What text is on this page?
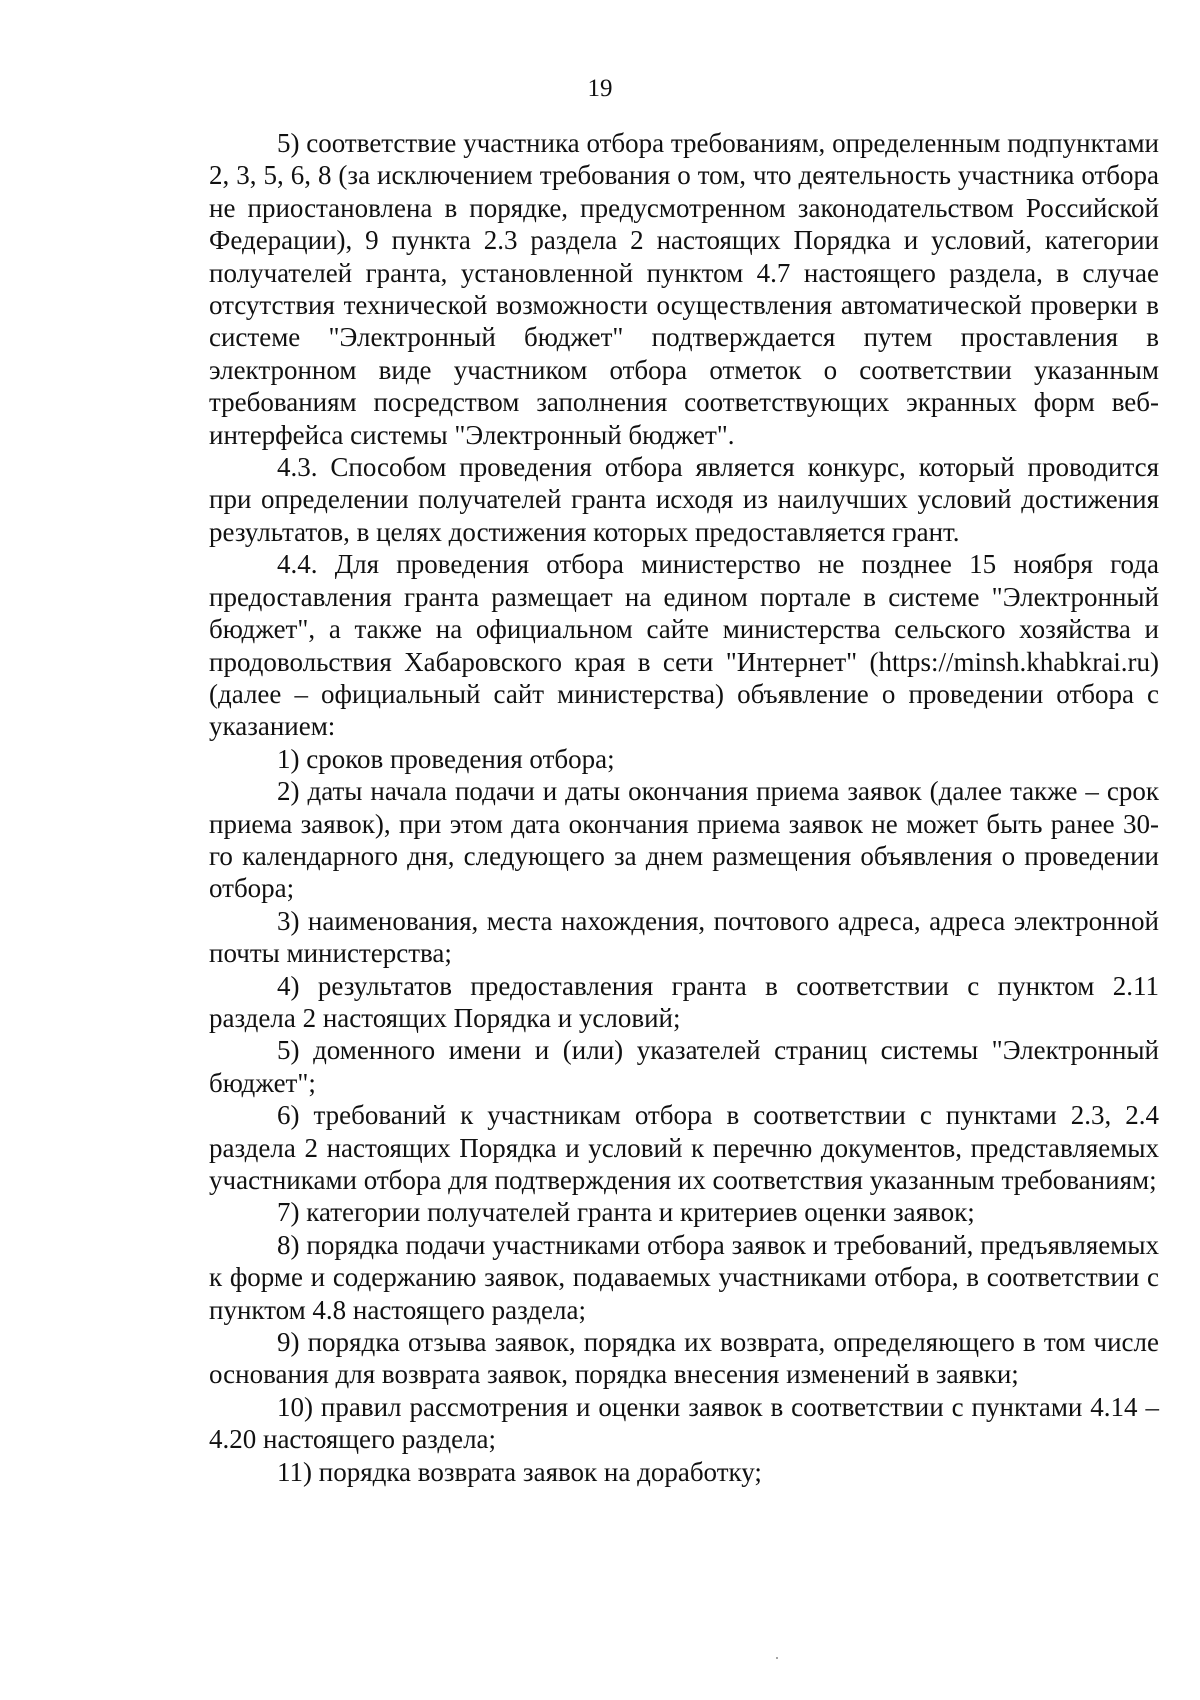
19

5) соответствие участника отбора требованиям, определенным подпунктами 2, 3, 5, 6, 8 (за исключением требования о том, что деятельность участника отбора не приостановлена в порядке, предусмотренном законодательством Российской Федерации), 9 пункта 2.3 раздела 2 настоящих Порядка и условий, категории получателей гранта, установленной пунктом 4.7 настоящего раздела, в случае отсутствия технической возможности осуществления автоматической проверки в системе "Электронный бюджет" подтверждается путем проставления в электронном виде участником отбора отметок о соответствии указанным требованиям посредством заполнения соответствующих экранных форм веб-интерфейса системы "Электронный бюджет".

4.3. Способом проведения отбора является конкурс, который проводится при определении получателей гранта исходя из наилучших условий достижения результатов, в целях достижения которых предоставляется грант.

4.4. Для проведения отбора министерство не позднее 15 ноября года предоставления гранта размещает на едином портале в системе "Электронный бюджет", а также на официальном сайте министерства сельского хозяйства и продовольствия Хабаровского края в сети "Интернет" (https://minsh.khabkrai.ru) (далее – официальный сайт министерства) объявление о проведении отбора с указанием:

1) сроков проведения отбора;

2) даты начала подачи и даты окончания приема заявок (далее также – срок приема заявок), при этом дата окончания приема заявок не может быть ранее 30-го календарного дня, следующего за днем размещения объявления о проведении отбора;

3) наименования, места нахождения, почтового адреса, адреса электронной почты министерства;

4) результатов предоставления гранта в соответствии с пунктом 2.11 раздела 2 настоящих Порядка и условий;

5) доменного имени и (или) указателей страниц системы "Электронный бюджет";

6) требований к участникам отбора в соответствии с пунктами 2.3, 2.4 раздела 2 настоящих Порядка и условий к перечню документов, представляемых участниками отбора для подтверждения их соответствия указанным требованиям;

7) категории получателей гранта и критериев оценки заявок;

8) порядка подачи участниками отбора заявок и требований, предъявляемых к форме и содержанию заявок, подаваемых участниками отбора, в соответствии с пунктом 4.8 настоящего раздела;

9) порядка отзыва заявок, порядка их возврата, определяющего в том числе основания для возврата заявок, порядка внесения изменений в заявки;

10) правил рассмотрения и оценки заявок в соответствии с пунктами 4.14 – 4.20 настоящего раздела;

11) порядка возврата заявок на доработку;
